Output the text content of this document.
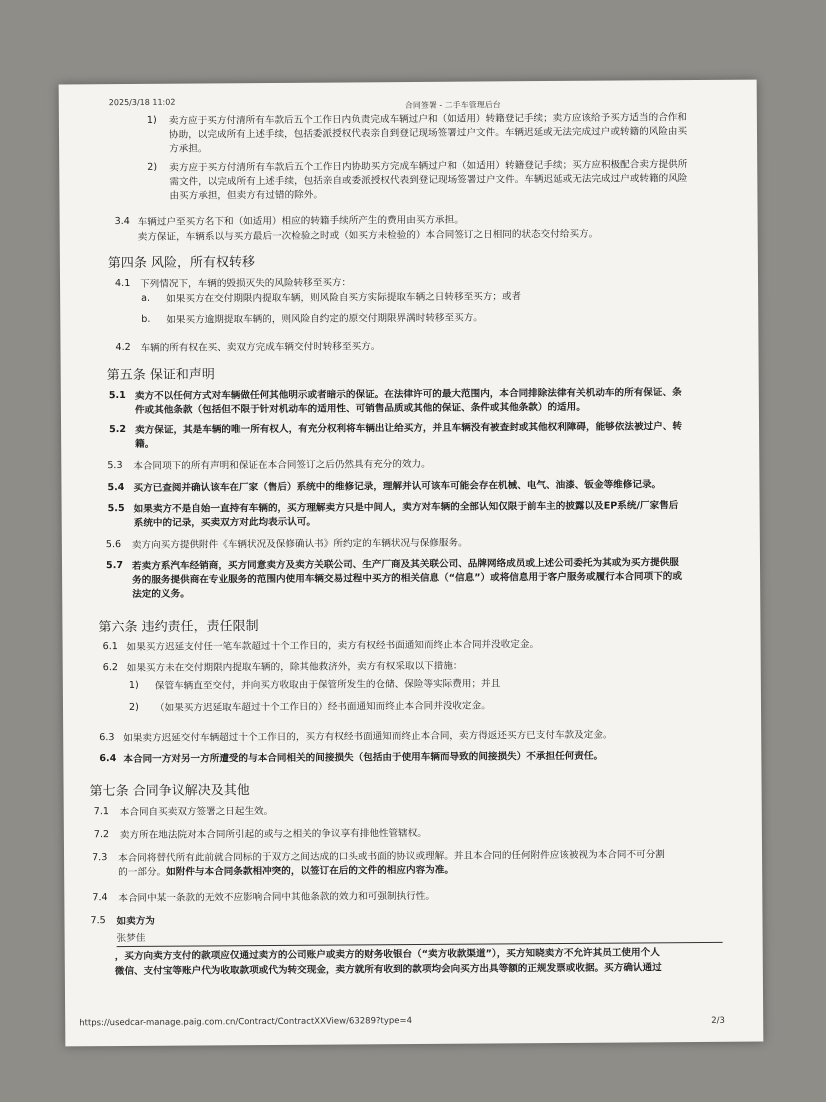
2025/3/18 11:02	合同签署 - 二手车管理后台
1) 卖方应于买方付清所有车款后五个工作日内负责完成车辆过户和（如适用）转籍登记手续；卖方应该给予买方适当的合作和
协助，以完成所有上述手续，包括委派授权代表亲自到登记现场签署过户文件。车辆迟延或无法完成过户或转籍的风险由买
方承担。
2) 卖方应于买方付清所有车款后五个工作日内协助买方完成车辆过户和（如适用）转籍登记手续；买方应积极配合卖方提供所
需文件，以完成所有上述手续，包括亲自或委派授权代表到登记现场签署过户文件。车辆迟延或无法完成过户或转籍的风险
由买方承担，但卖方有过错的除外。
3.4 车辆过户至买方名下和（如适用）相应的转籍手续所产生的费用由买方承担。
卖方保证，车辆系以与买方最后一次检验之时或（如买方未检验的）本合同签订之日相同的状态交付给买方。
第四条 风险，所有权转移
4.1 下列情况下，车辆的毁损灭失的风险转移至买方：
a. 如果买方在交付期限内提取车辆，则风险自买方实际提取车辆之日转移至买方；或者
b. 如果买方逾期提取车辆的，则风险自约定的原交付期限界满时转移至买方。
4.2 车辆的所有权在买、卖双方完成车辆交付时转移至买方。
第五条 保证和声明
5.1 卖方不以任何方式对车辆做任何其他明示或者暗示的保证。在法律许可的最大范围内，本合同排除法律有关机动车的所有保证、条
件或其他条款（包括但不限于针对机动车的适用性、可销售品质或其他的保证、条件或其他条款）的适用。
5.2 卖方保证，其是车辆的唯一所有权人，有充分权利将车辆出让给买方，并且车辆没有被查封或其他权利障碍，能够依法被过户、转
籍。
5.3 本合同项下的所有声明和保证在本合同签订之后仍然具有充分的效力。
5.4 买方已查阅并确认该车在厂家（售后）系统中的维修记录，理解并认可该车可能会存在机械、电气、油漆、钣金等维修记录。
5.5 如果卖方不是自始一直持有车辆的，买方理解卖方只是中间人，卖方对车辆的全部认知仅限于前车主的披露以及EP系统/厂家售后
系统中的记录，买卖双方对此均表示认可。
5.6 卖方向买方提供附件《车辆状况及保修确认书》所约定的车辆状况与保修服务。
5.7 若卖方系汽车经销商，买方同意卖方及卖方关联公司、生产厂商及其关联公司、品牌网络成员或上述公司委托为其或为买方提供服
务的服务提供商在专业服务的范围内使用车辆交易过程中买方的相关信息（“信息”）或将信息用于客户服务或履行本合同项下的或
法定的义务。
第六条 违约责任，责任限制
6.1 如果买方迟延支付任一笔车款超过十个工作日的，卖方有权经书面通知而终止本合同并没收定金。
6.2 如果买方未在交付期限内提取车辆的，除其他救济外，卖方有权采取以下措施：
1) 保管车辆直至交付，并向买方收取由于保管所发生的仓储、保险等实际费用；并且
2) （如果买方迟延取车超过十个工作日的）经书面通知而终止本合同并没收定金。
6.3 如果卖方迟延交付车辆超过十个工作日的，买方有权经书面通知而终止本合同，卖方得返还买方已支付车款及定金。
6.4 本合同一方对另一方所遭受的与本合同相关的间接损失（包括由于使用车辆而导致的间接损失）不承担任何责任。
第七条 合同争议解决及其他
7.1 本合同自买卖双方签署之日起生效。
7.2 卖方所在地法院对本合同所引起的或与之相关的争议享有排他性管辖权。
7.3 本合同将替代所有此前就合同标的于双方之间达成的口头或书面的协议或理解。并且本合同的任何附件应该被视为本合同不可分割
的一部分。如附件与本合同条款相冲突的，以签订在后的文件的相应内容为准。
7.4 本合同中某一条款的无效不应影响合同中其他条款的效力和可强制执行性。
7.5 如卖方为
张梦佳
，买方向卖方支付的款项应仅通过卖方的公司账户或卖方的财务收银台（“卖方收款渠道”），买方知晓卖方不允许其员工使用个人
微信、支付宝等账户代为收取款项或代为转交现金，卖方就所有收到的款项均会向买方出具等额的正规发票或收据。买方确认通过
https://usedcar-manage.paig.com.cn/Contract/ContractXXView/63289?type=4	2/3
